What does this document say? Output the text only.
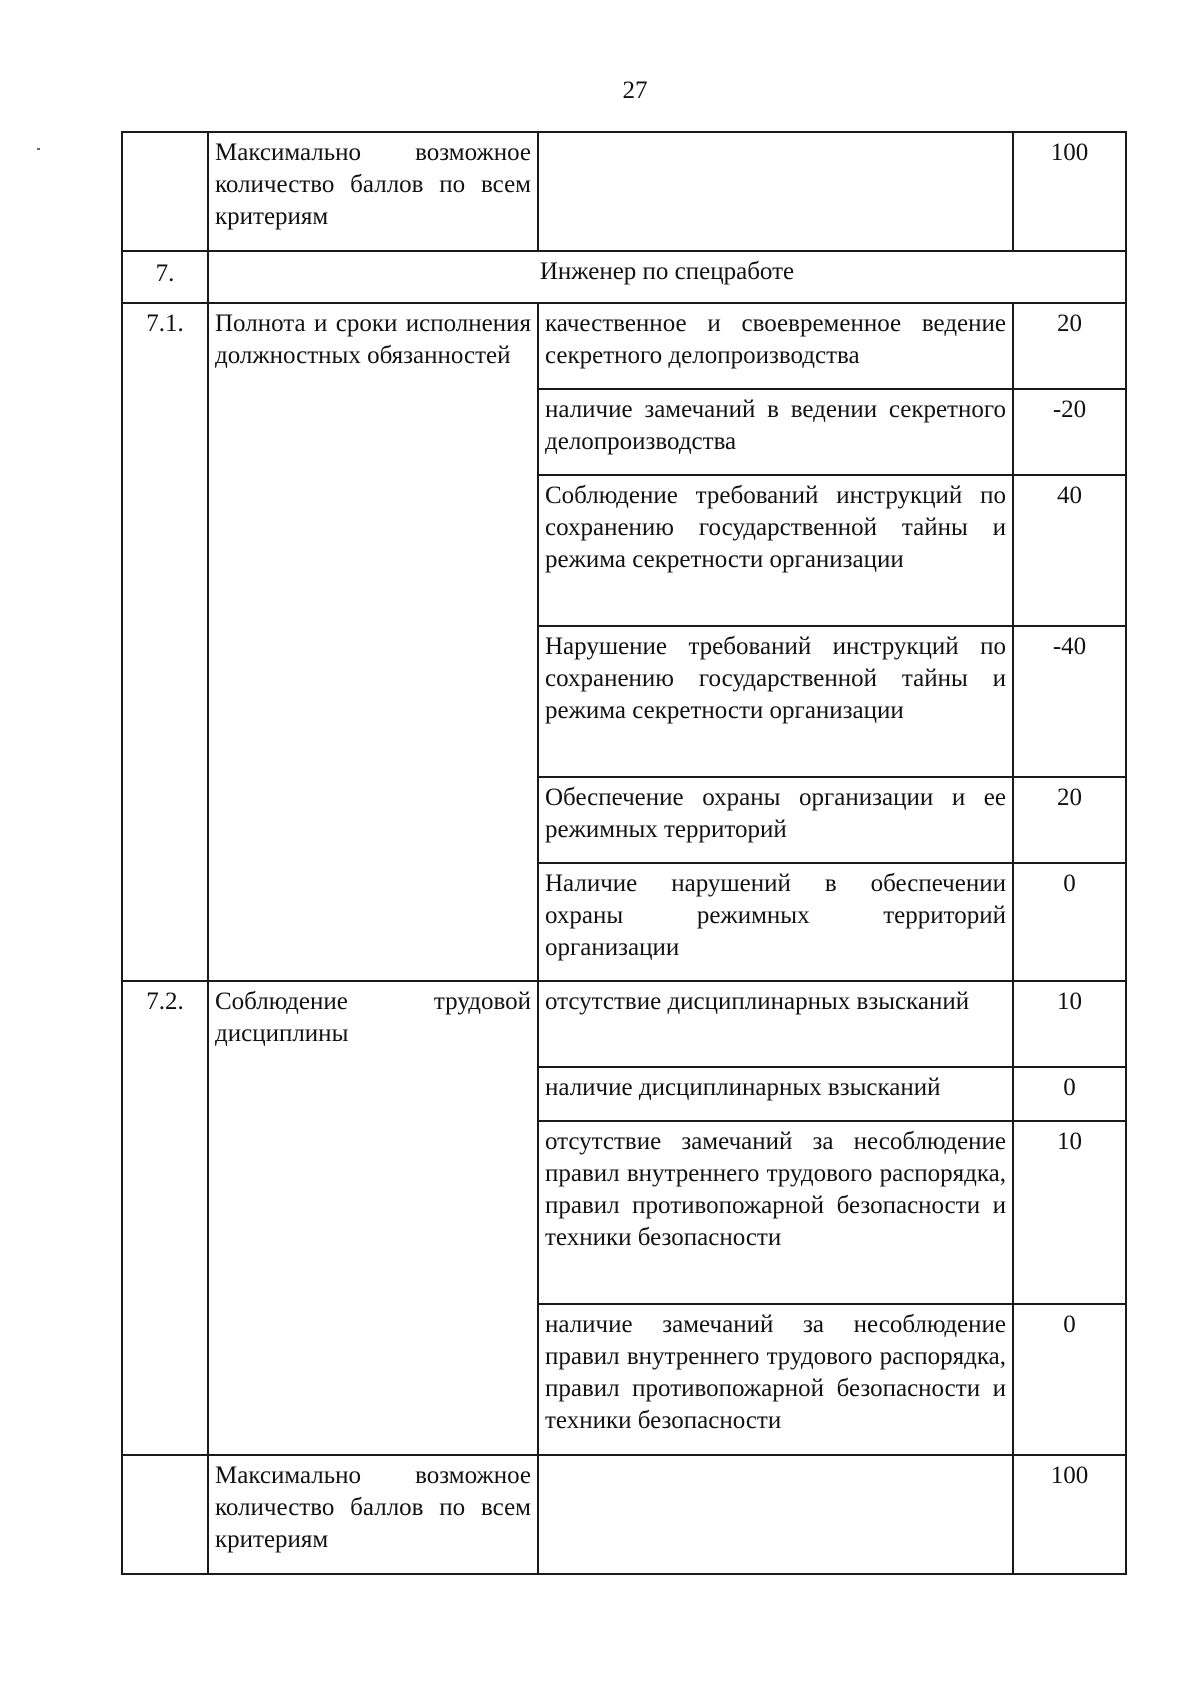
27
	Максимально возможное количество баллов по всем критериям		100
7.	Инженер по спецработе		
7.1.	Полнота и сроки исполнения должностных обязанностей	качественное и своевременное ведение секретного делопроизводства	20
		наличие замечаний в ведении секретного делопроизводства	-20
		Соблюдение требований инструкций по сохранению государственной тайны и режима секретности организации	40
		Нарушение требований инструкций по сохранению государственной тайны и режима секретности организации	-40
		Обеспечение охраны организации и ее режимных территорий	20
		Наличие нарушений в обеспечении охраны режимных территорий организации	0
7.2.	Соблюдение трудовой дисциплины	отсутствие дисциплинарных взысканий	10
		наличие дисциплинарных взысканий	0
		отсутствие замечаний за несоблюдение правил внутреннего трудового распорядка, правил противопожарной безопасности и техники безопасности	10
		наличие замечаний за несоблюдение правил внутреннего трудового распорядка, правил противопожарной безопасности и техники безопасности	0
	Максимально возможное количество баллов по всем критериям		100
